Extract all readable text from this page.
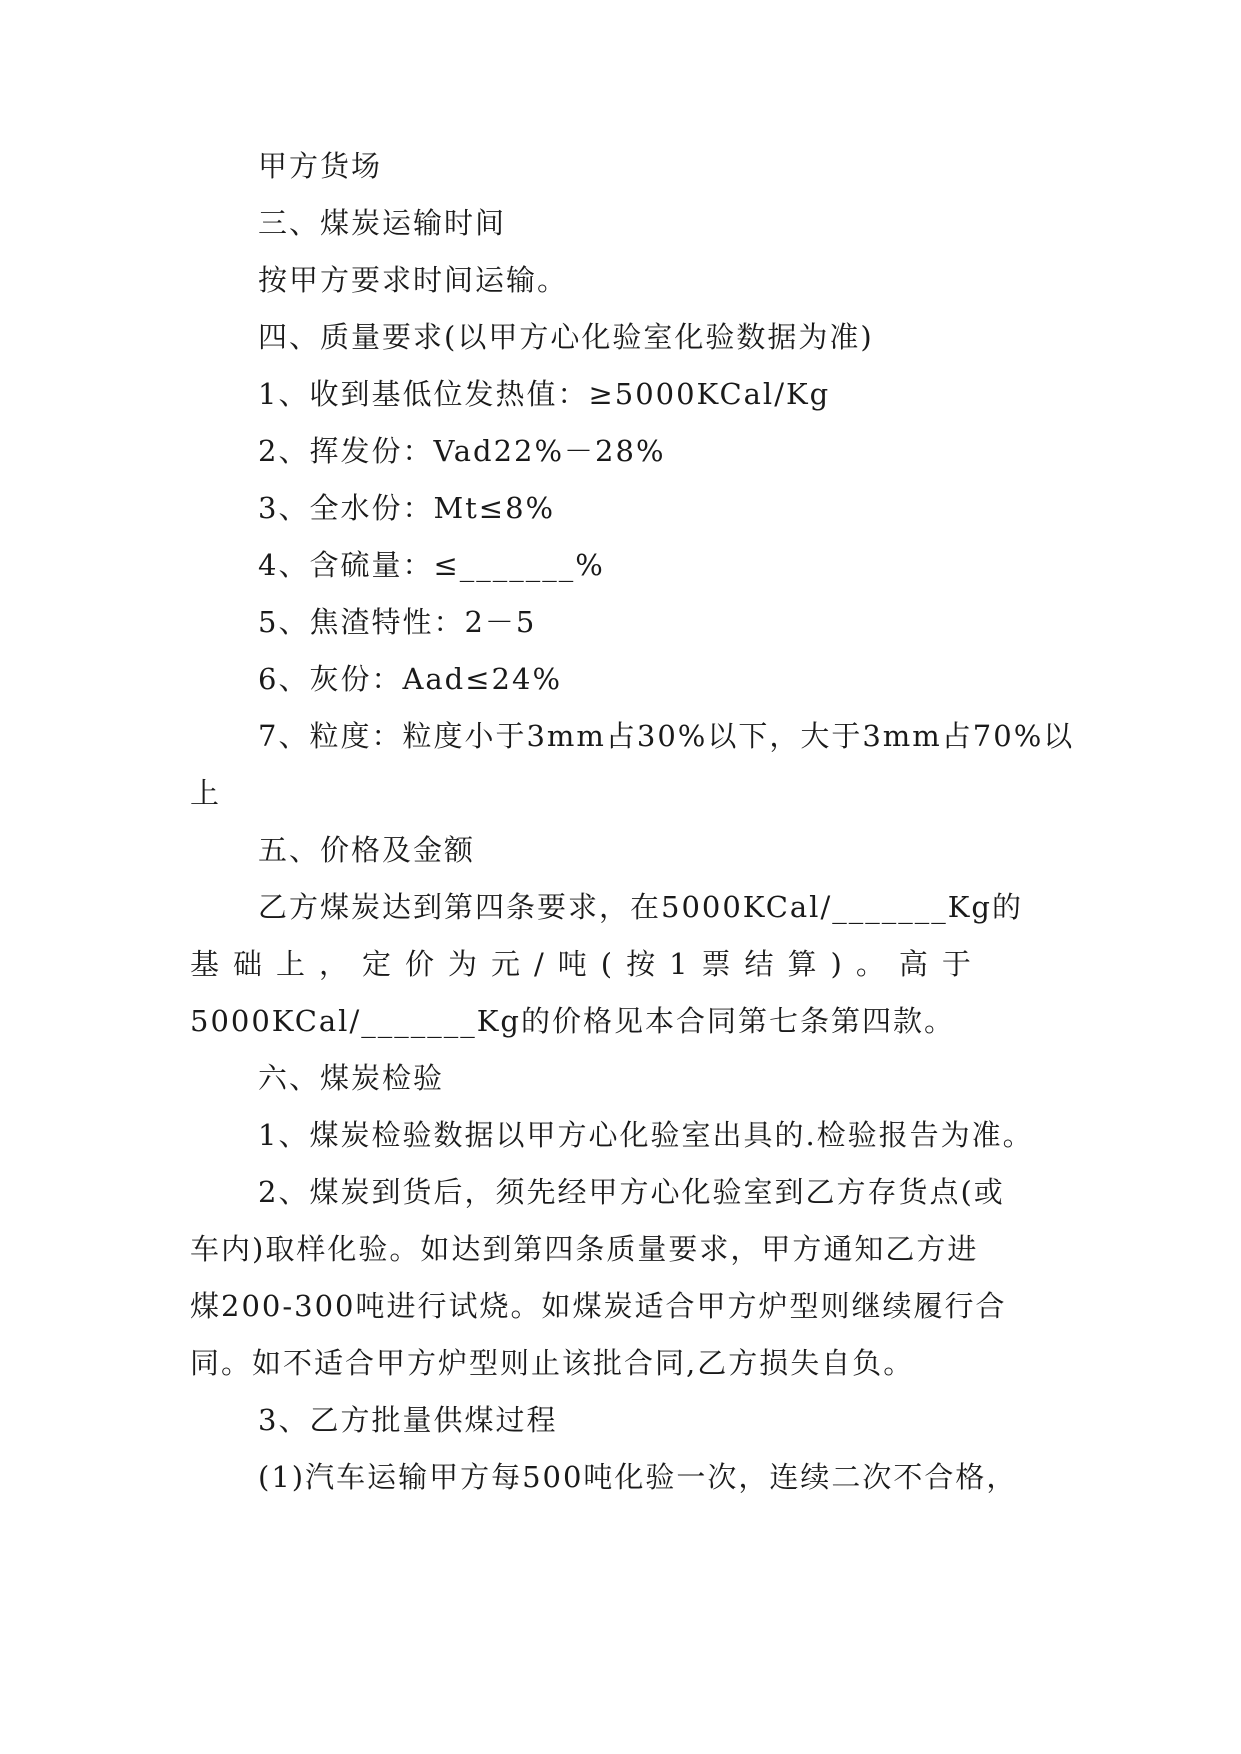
甲方货场
三、煤炭运输时间
按甲方要求时间运输。
四、质量要求(以甲方心化验室化验数据为准)
1、收到基低位发热值：≥5000KCal/Kg
2、挥发份：Vad22%－28%
3、全水份：Mt≤8%
4、含硫量：≤_______%
5、焦渣特性：2－5
6、灰份：Aad≤24%
7、粒度：粒度小于3mm占30%以下，大于3mm占70%以
上
五、价格及金额
乙方煤炭达到第四条要求，在5000KCal/_______Kg的
基础上，定价为元/吨(按1票结算)。高于
5000KCal/_______Kg的价格见本合同第七条第四款。
六、煤炭检验
1、煤炭检验数据以甲方心化验室出具的.检验报告为准。
2、煤炭到货后，须先经甲方心化验室到乙方存货点(或
车内)取样化验。如达到第四条质量要求，甲方通知乙方进
煤200-300吨进行试烧。如煤炭适合甲方炉型则继续履行合
同。如不适合甲方炉型则止该批合同,乙方损失自负。
3、乙方批量供煤过程
(1)汽车运输甲方每500吨化验一次，连续二次不合格，
